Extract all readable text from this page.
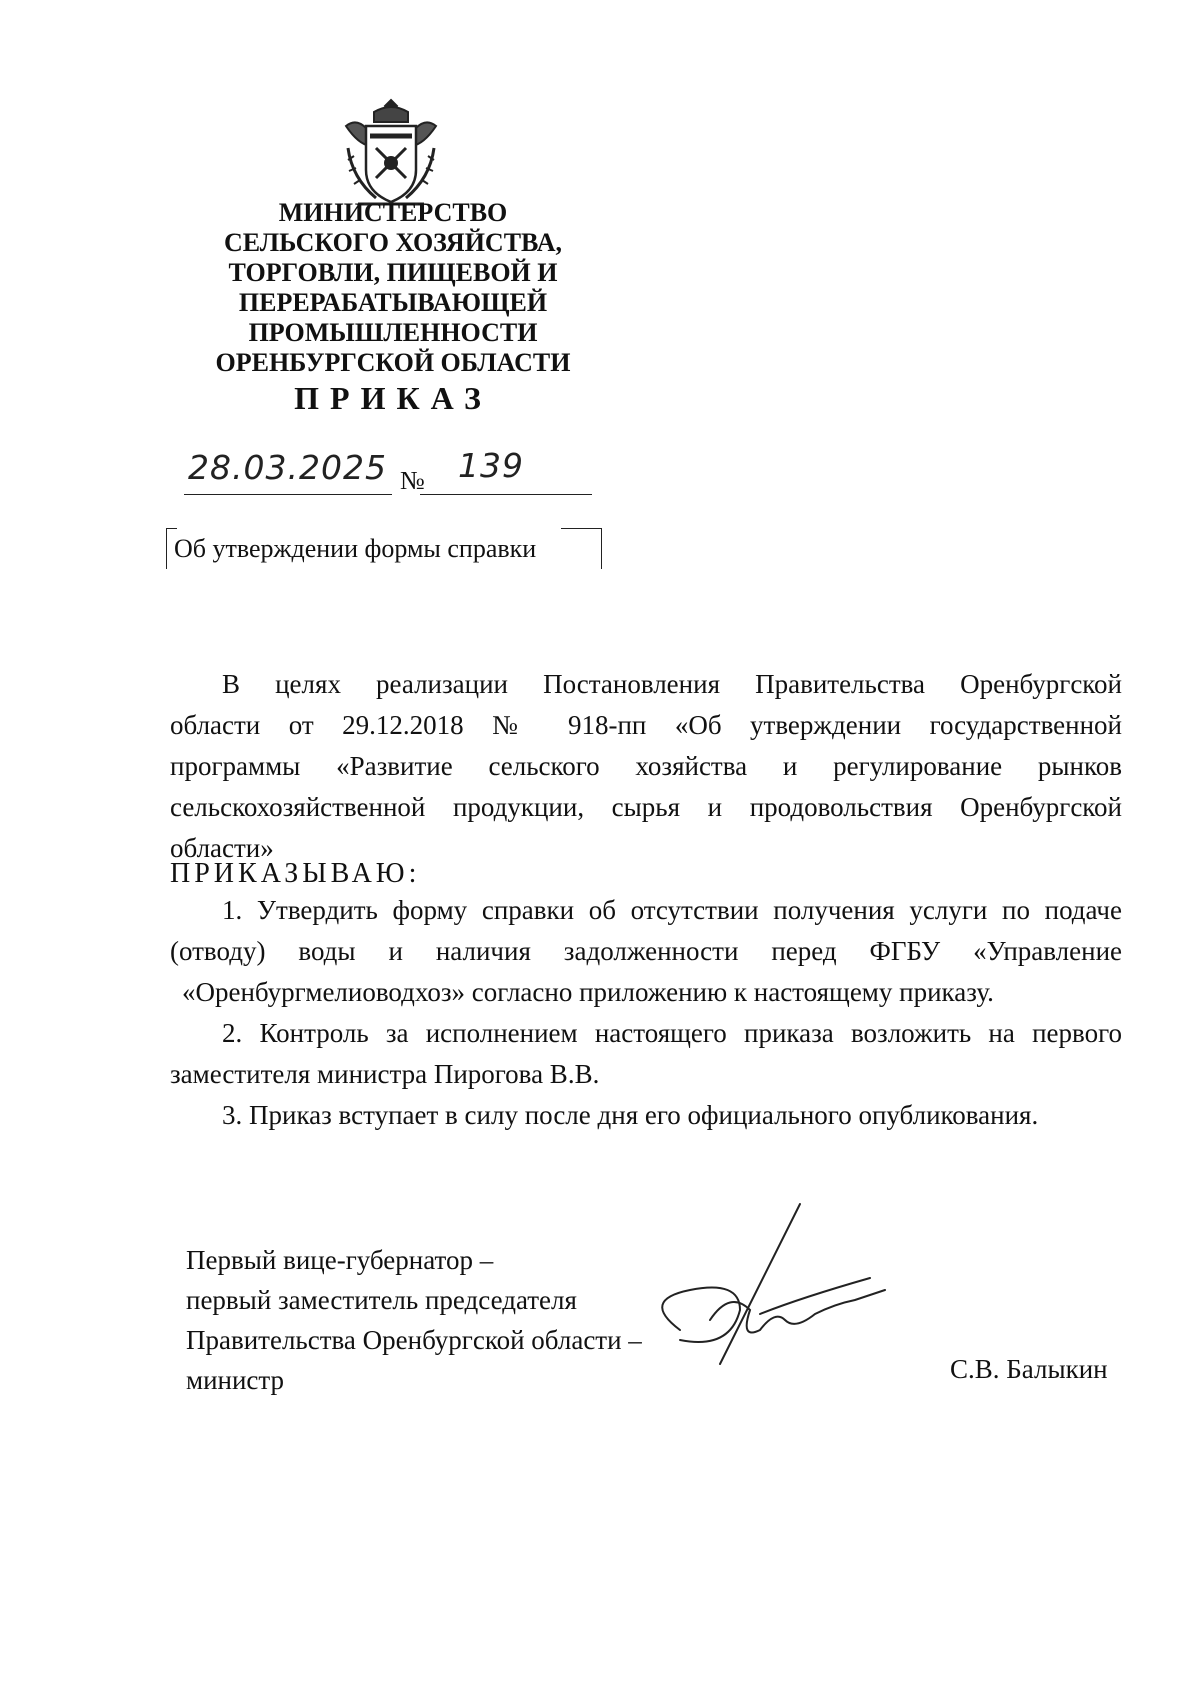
МИНИСТЕРСТВО
СЕЛЬСКОГО ХОЗЯЙСТВА,
ТОРГОВЛИ, ПИЩЕВОЙ И
ПЕРЕРАБАТЫВАЮЩЕЙ
ПРОМЫШЛЕННОСТИ
ОРЕНБУРГСКОЙ ОБЛАСТИ
ПРИКАЗ
28.03.2025 № 139
Об утверждении формы справки
В целях реализации Постановления Правительства Оренбургской
области от 29.12.2018 № 918-пп «Об утверждении государственной
программы «Развитие сельского хозяйства и регулирование рынков
сельскохозяйственной продукции, сырья и продовольствия Оренбургской
области»
ПРИКАЗЫВАЮ:
1. Утвердить форму справки об отсутствии получения услуги по подаче
(отводу) воды и наличия задолженности перед ФГБУ «Управление
«Оренбургмелиоводхоз» согласно приложению к настоящему приказу.
2. Контроль за исполнением настоящего приказа возложить на первого
заместителя министра Пирогова В.В.
3. Приказ вступает в силу после дня его официального опубликования.
Первый вице-губернатор –
первый заместитель председателя
Правительства Оренбургской области –
министр	С.В. Балыкин
